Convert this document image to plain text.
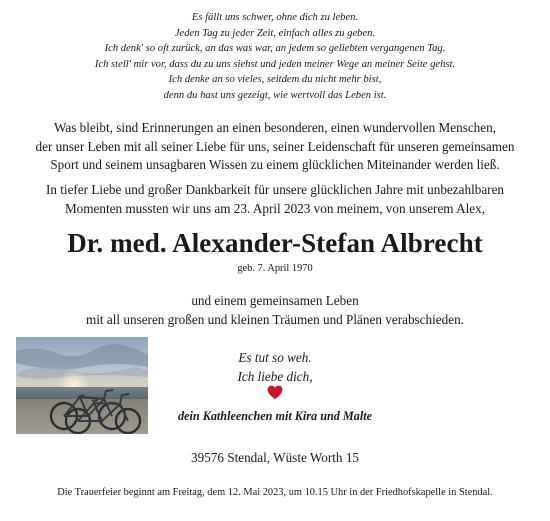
Es fällt uns schwer, ohne dich zu leben.
Jeden Tag zu jeder Zeit, einfach alles zu geben.
Ich denk' so oft zurück, an das was war, an jedem so geliebten vergangenen Tag.
Ich stell' mir vor, dass du zu uns siehst und jeden meiner Wege an meiner Seite gehst.
Ich denke an so vieles, seitdem du nicht mehr bist,
denn du hast uns gezeigt, wie wertvoll das Leben ist.
Was bleibt, sind Erinnerungen an einen besonderen, einen wundervollen Menschen,
der unser Leben mit all seiner Liebe für uns, seiner Leidenschaft für unseren gemeinsamen
Sport und seinem unsagbaren Wissen zu einem glücklichen Miteinander werden ließ.
In tiefer Liebe und großer Dankbarkeit für unsere glücklichen Jahre mit unbezahlbaren
Momenten mussten wir uns am 23. April 2023 von meinem, von unserem Alex,
Dr. med. Alexander-Stefan Albrecht
geb. 7. April 1970
und einem gemeinsamen Leben
mit all unseren großen und kleinen Träumen und Plänen verabschieden.
Es tut so weh.
Ich liebe dich,
dein Kathleenchen mit Kira und Malte
39576 Stendal, Wüste Worth 15
Die Trauerfeier beginnt am Freitag, dem 12. Mai 2023, um 10.15 Uhr in der Friedhofskapelle in Stendal.
